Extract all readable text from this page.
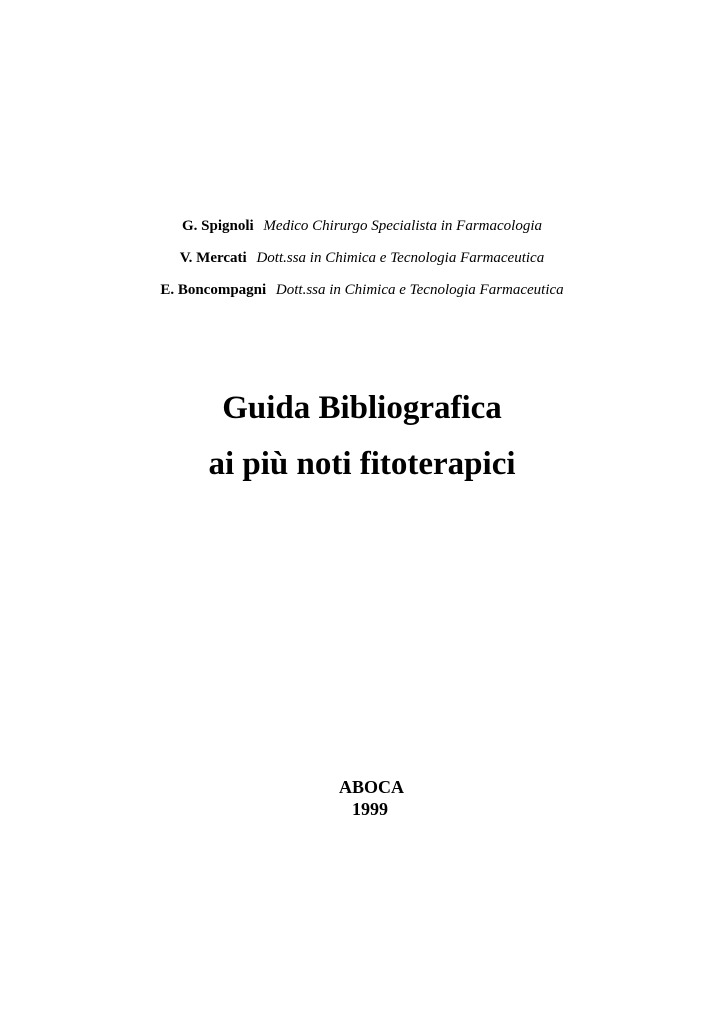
G. Spignoli Medico Chirurgo Specialista in Farmacologia
V. Mercati Dott.ssa in Chimica e Tecnologia Farmaceutica
E. Boncompagni Dott.ssa in Chimica e Tecnologia Farmaceutica
Guida Bibliografica
ai più noti fitoterapici
ABOCA
1999
